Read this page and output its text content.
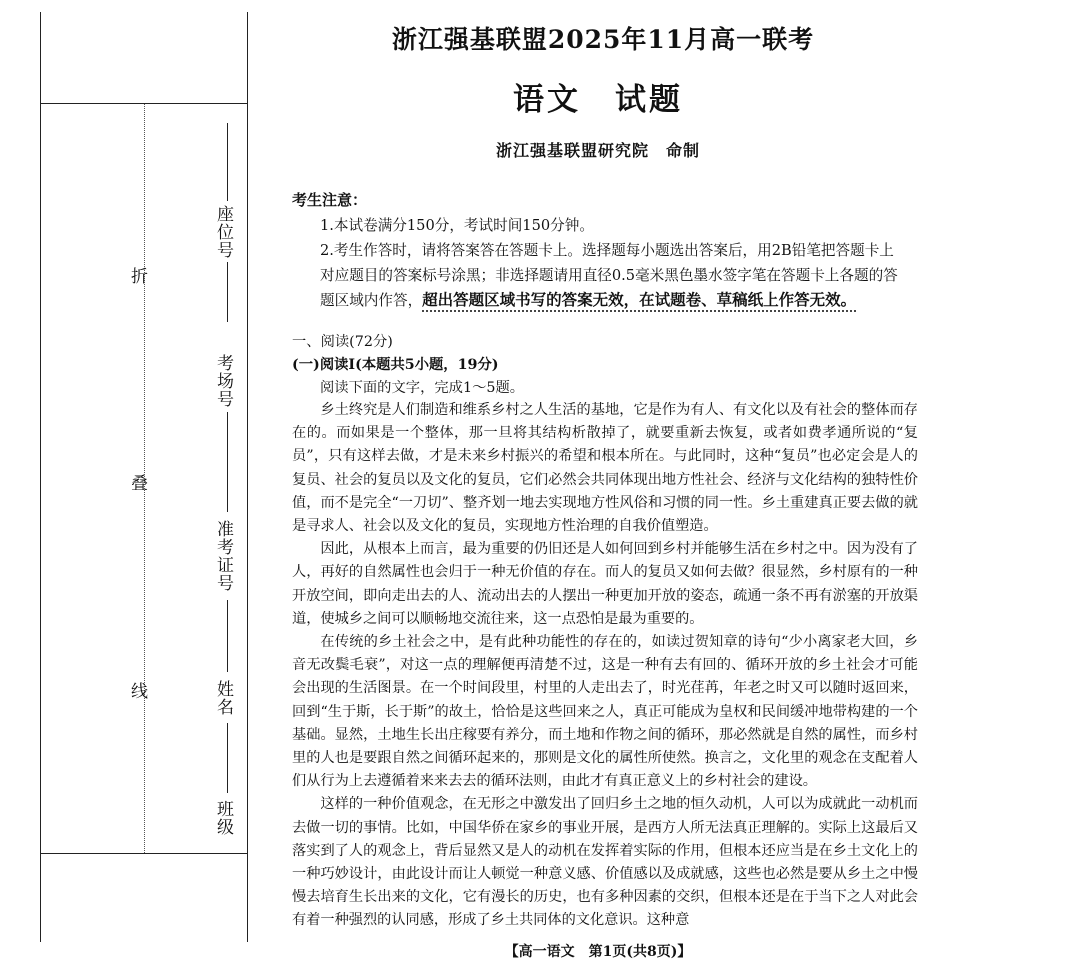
折
叠
线
座位号
考场号
准考证号
姓名
班级
浙江强基联盟2025年11月高一联考
语文　试题
浙江强基联盟研究院　命制
考生注意：
1.本试卷满分150分，考试时间150分钟。
2.考生作答时，请将答案答在答题卡上。选择题每小题选出答案后，用2B铅笔把答题卡上对应题目的答案标号涂黑；非选择题请用直径0.5毫米黑色墨水签字笔在答题卡上各题的答题区域内作答，超出答题区域书写的答案无效，在试题卷、草稿纸上作答无效。
一、阅读(72分)
(一)阅读Ⅰ(本题共5小题，19分)
阅读下面的文字，完成1～5题。

乡土终究是人们制造和维系乡村之人生活的基地，它是作为有人、有文化以及有社会的整体而存在的。而如果是一个整体，那一旦将其结构析散掉了，就要重新去恢复，或者如费孝通所说的“复员”，只有这样去做，才是未来乡村振兴的希望和根本所在。与此同时，这种“复员”也必定会是人的复员、社会的复员以及文化的复员，它们必然会共同体现出地方性社会、经济与文化结构的独特性价值，而不是完全“一刀切”、整齐划一地去实现地方性风俗和习惯的同一性。乡土重建真正要去做的就是寻求人、社会以及文化的复员，实现地方性治理的自我价值塑造。

因此，从根本上而言，最为重要的仍旧还是人如何回到乡村并能够生活在乡村之中。因为没有了人，再好的自然属性也会归于一种无价值的存在。而人的复员又如何去做？很显然，乡村原有的一种开放空间，即向走出去的人、流动出去的人摆出一种更加开放的姿态，疏通一条不再有淤塞的开放渠道，使城乡之间可以顺畅地交流往来，这一点恐怕是最为重要的。

在传统的乡土社会之中，是有此种功能性的存在的，如读过贺知章的诗句“少小离家老大回，乡音无改鬓毛衰”，对这一点的理解便再清楚不过，这是一种有去有回的、循环开放的乡土社会才可能会出现的生活图景。在一个时间段里，村里的人走出去了，时光荏苒，年老之时又可以随时返回来，回到“生于斯，长于斯”的故土，恰恰是这些回来之人，真正可能成为皇权和民间缓冲地带构建的一个基础。显然，土地生长出庄稼要有养分，而土地和作物之间的循环，那必然就是自然的属性，而乡村里的人也是要跟自然之间循环起来的，那则是文化的属性所使然。换言之，文化里的观念在支配着人们从行为上去遵循着来来去去的循环法则，由此才有真正意义上的乡村社会的建设。

这样的一种价值观念，在无形之中激发出了回归乡土之地的恒久动机，人可以为成就此一动机而去做一切的事情。比如，中国华侨在家乡的事业开展，是西方人所无法真正理解的。实际上这最后又落实到了人的观念上，背后显然又是人的动机在发挥着实际的作用，但根本还应当是在乡土文化上的一种巧妙设计，由此设计而让人顿觉一种意义感、价值感以及成就感，这些也必然是要从乡土之中慢慢去培育生长出来的文化，它有漫长的历史，也有多种因素的交织，但根本还是在于当下之人对此会有着一种强烈的认同感，形成了乡土共同体的文化意识。这种意

【高一语文　第1页(共8页)】
